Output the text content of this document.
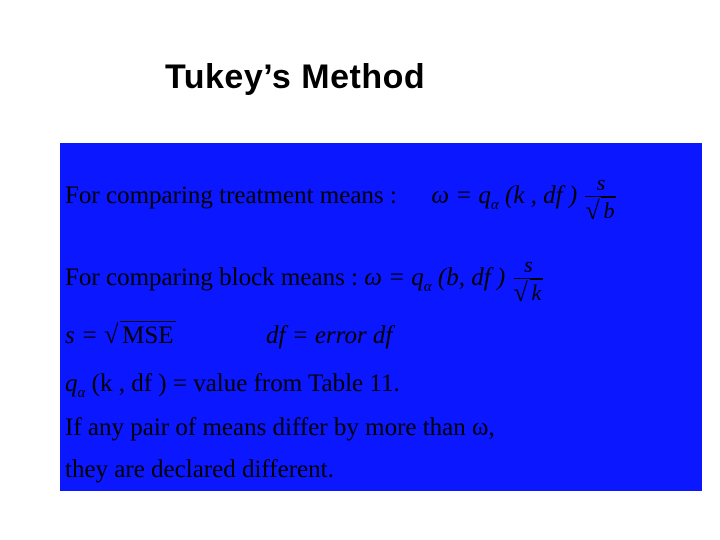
Tukey’s Method
For comparing treatment means : $\omega = q_\alpha$ (k , df ) $\frac{s}{√ b}$
For comparing block means : $\omega = q_\alpha$ (b, df ) $\frac{s}{√ k}$
s = √ MSE	df = error df
$q_\alpha$ (k , df ) = value from Table 11.
If any pair of means differ by more than ω,
they are declared different.
